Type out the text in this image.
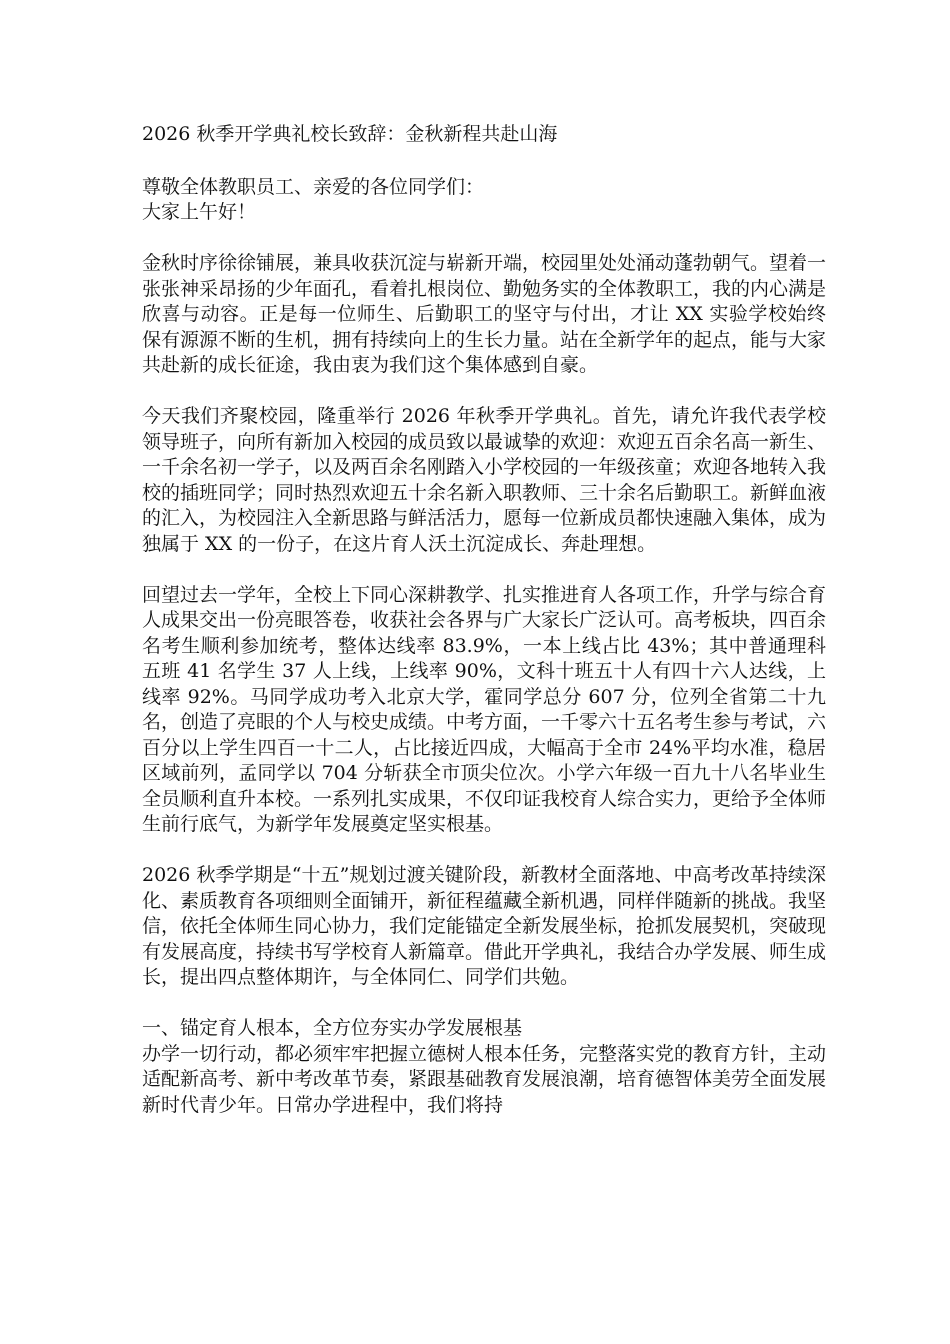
2026 秋季开学典礼校长致辞：金秋新程共赴山海

尊敬全体教职员工、亲爱的各位同学们：

大家上午好！

金秋时序徐徐铺展，兼具收获沉淀与崭新开端，校园里处处涌动蓬勃朝气。望着一张张神采昂扬的少年面孔，看着扎根岗位、勤勉务实的全体教职工，我的内心满是欣喜与动容。正是每一位师生、后勤职工的坚守与付出，才让 XX 实验学校始终保有源源不断的生机，拥有持续向上的生长力量。站在全新学年的起点，能与大家共赴新的成长征途，我由衷为我们这个集体感到自豪。

今天我们齐聚校园，隆重举行 2026 年秋季开学典礼。首先，请允许我代表学校领导班子，向所有新加入校园的成员致以最诚挚的欢迎：欢迎五百余名高一新生、一千余名初一学子，以及两百余名刚踏入小学校园的一年级孩童；欢迎各地转入我校的插班同学；同时热烈欢迎五十余名新入职教师、三十余名后勤职工。新鲜血液的汇入，为校园注入全新思路与鲜活活力，愿每一位新成员都快速融入集体，成为独属于 XX 的一份子，在这片育人沃土沉淀成长、奔赴理想。

回望过去一学年，全校上下同心深耕教学、扎实推进育人各项工作，升学与综合育人成果交出一份亮眼答卷，收获社会各界与广大家长广泛认可。高考板块，四百余名考生顺利参加统考，整体达线率 83.9%，一本上线占比 43%；其中普通理科五班 41 名学生 37 人上线，上线率 90%，文科十班五十人有四十六人达线，上线率 92%。马同学成功考入北京大学，霍同学总分 607 分，位列全省第二十九名，创造了亮眼的个人与校史成绩。中考方面，一千零六十五名考生参与考试，六百分以上学生四百一十二人，占比接近四成，大幅高于全市 24%平均水准，稳居区域前列，孟同学以 704 分斩获全市顶尖位次。小学六年级一百九十八名毕业生全员顺利直升本校。一系列扎实成果，不仅印证我校育人综合实力，更给予全体师生前行底气，为新学年发展奠定坚实根基。

2026 秋季学期是“十五”规划过渡关键阶段，新教材全面落地、中高考改革持续深化、素质教育各项细则全面铺开，新征程蕴藏全新机遇，同样伴随新的挑战。我坚信，依托全体师生同心协力，我们定能锚定全新发展坐标，抢抓发展契机，突破现有发展高度，持续书写学校育人新篇章。借此开学典礼，我结合办学发展、师生成长，提出四点整体期许，与全体同仁、同学们共勉。

一、锚定育人根本，全方位夯实办学发展根基

办学一切行动，都必须牢牢把握立德树人根本任务，完整落实党的教育方针，主动适配新高考、新中考改革节奏，紧跟基础教育发展浪潮，培育德智体美劳全面发展新时代青少年。日常办学进程中，我们将持
